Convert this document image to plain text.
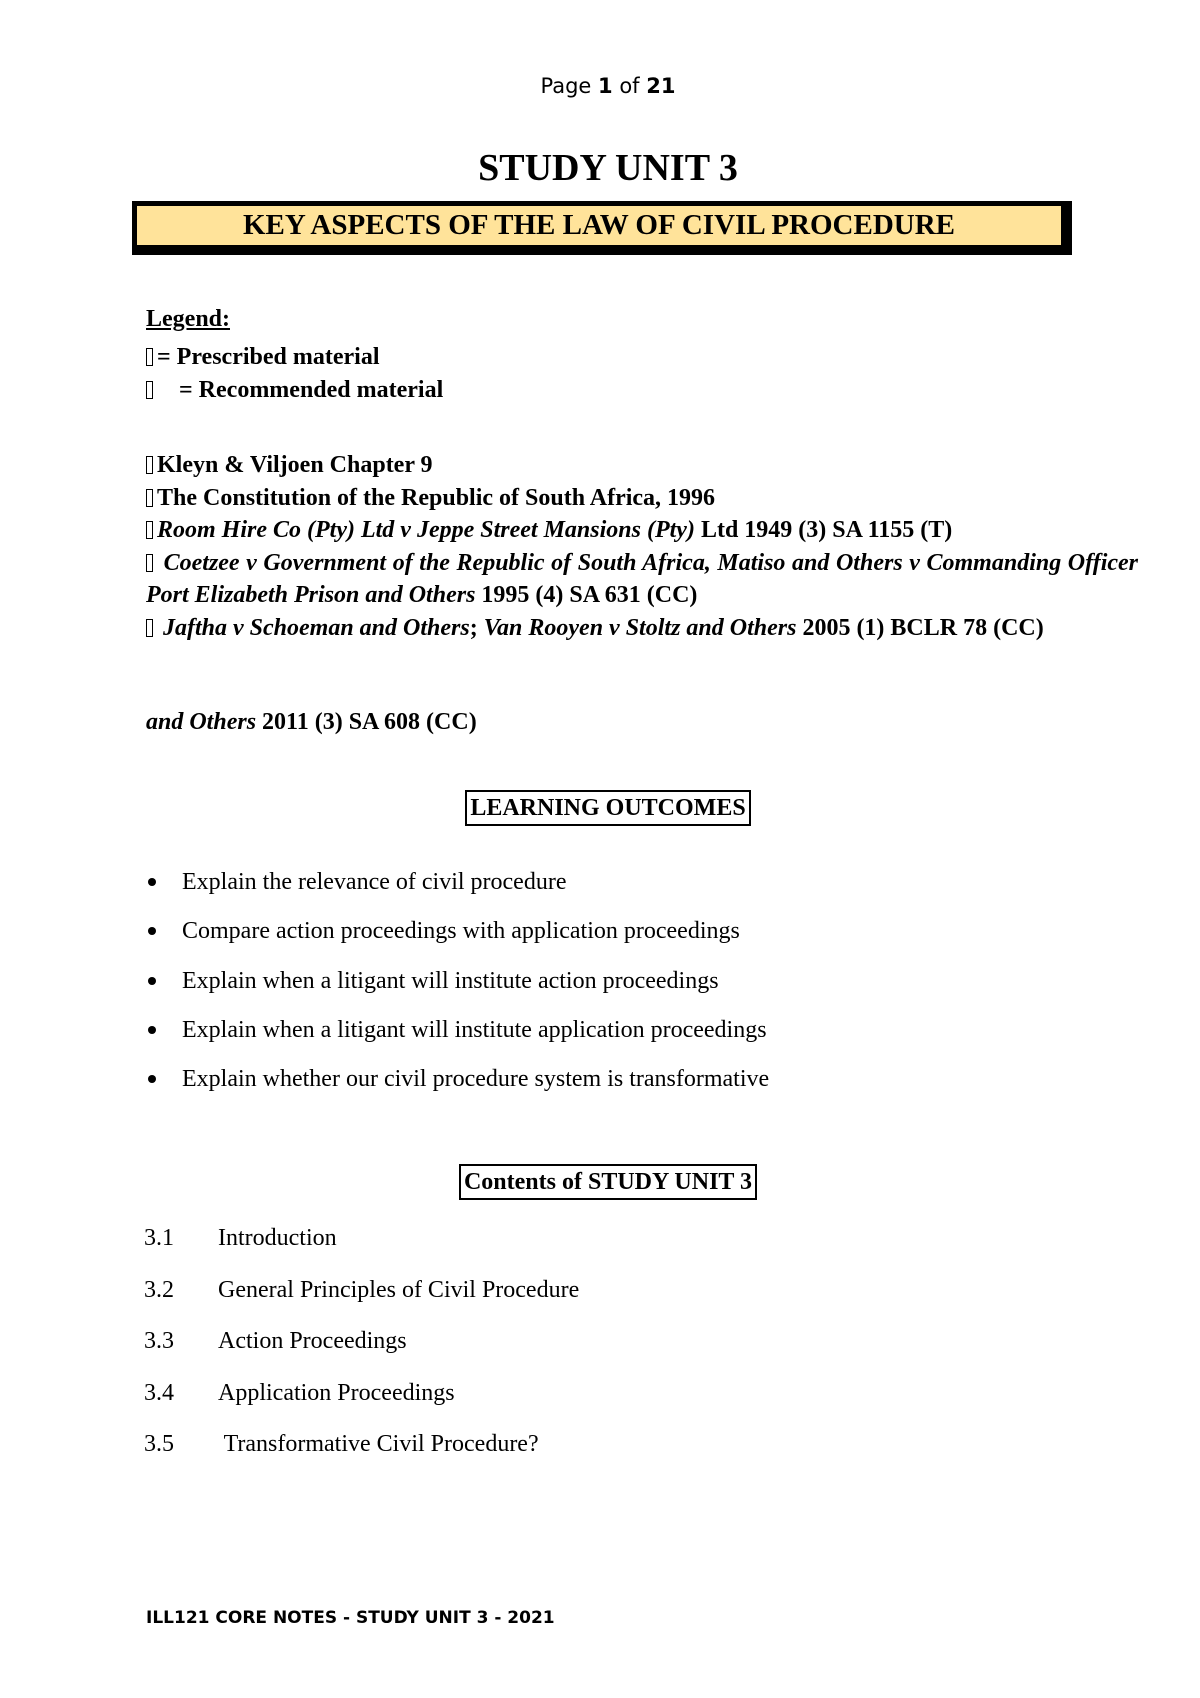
Page 1 of 21
STUDY UNIT 3
KEY ASPECTS OF THE LAW OF CIVIL PROCEDURE
Legend:
= Prescribed material
= Recommended material

Kleyn & Viljoen Chapter 9

The Constitution of the Republic of South Africa, 1996

Room Hire Co (Pty) Ltd v Jeppe Street Mansions (Pty) Ltd 1949 (3) SA 1155 (T)

Coetzee v Government of the Republic of South Africa, Matiso and Others v Commanding Officer Port Elizabeth Prison and Others 1995 (4) SA 631 (CC)

Jaftha v Schoeman and Others; Van Rooyen v Stoltz and Others 2005 (1) BCLR 78 (CC)

and Others 2011 (3) SA 608 (CC)
LEARNING OUTCOMES
Explain the relevance of civil procedure
Compare action proceedings with application proceedings
Explain when a litigant will institute action proceedings
Explain when a litigant will institute application proceedings
Explain whether our civil procedure system is transformative
Contents of STUDY UNIT 3
3.1	Introduction
3.2	General Principles of Civil Procedure
3.3	Action Proceedings
3.4	Application Proceedings
3.5	Transformative Civil Procedure?
ILL121 CORE NOTES - STUDY UNIT 3 - 2021
